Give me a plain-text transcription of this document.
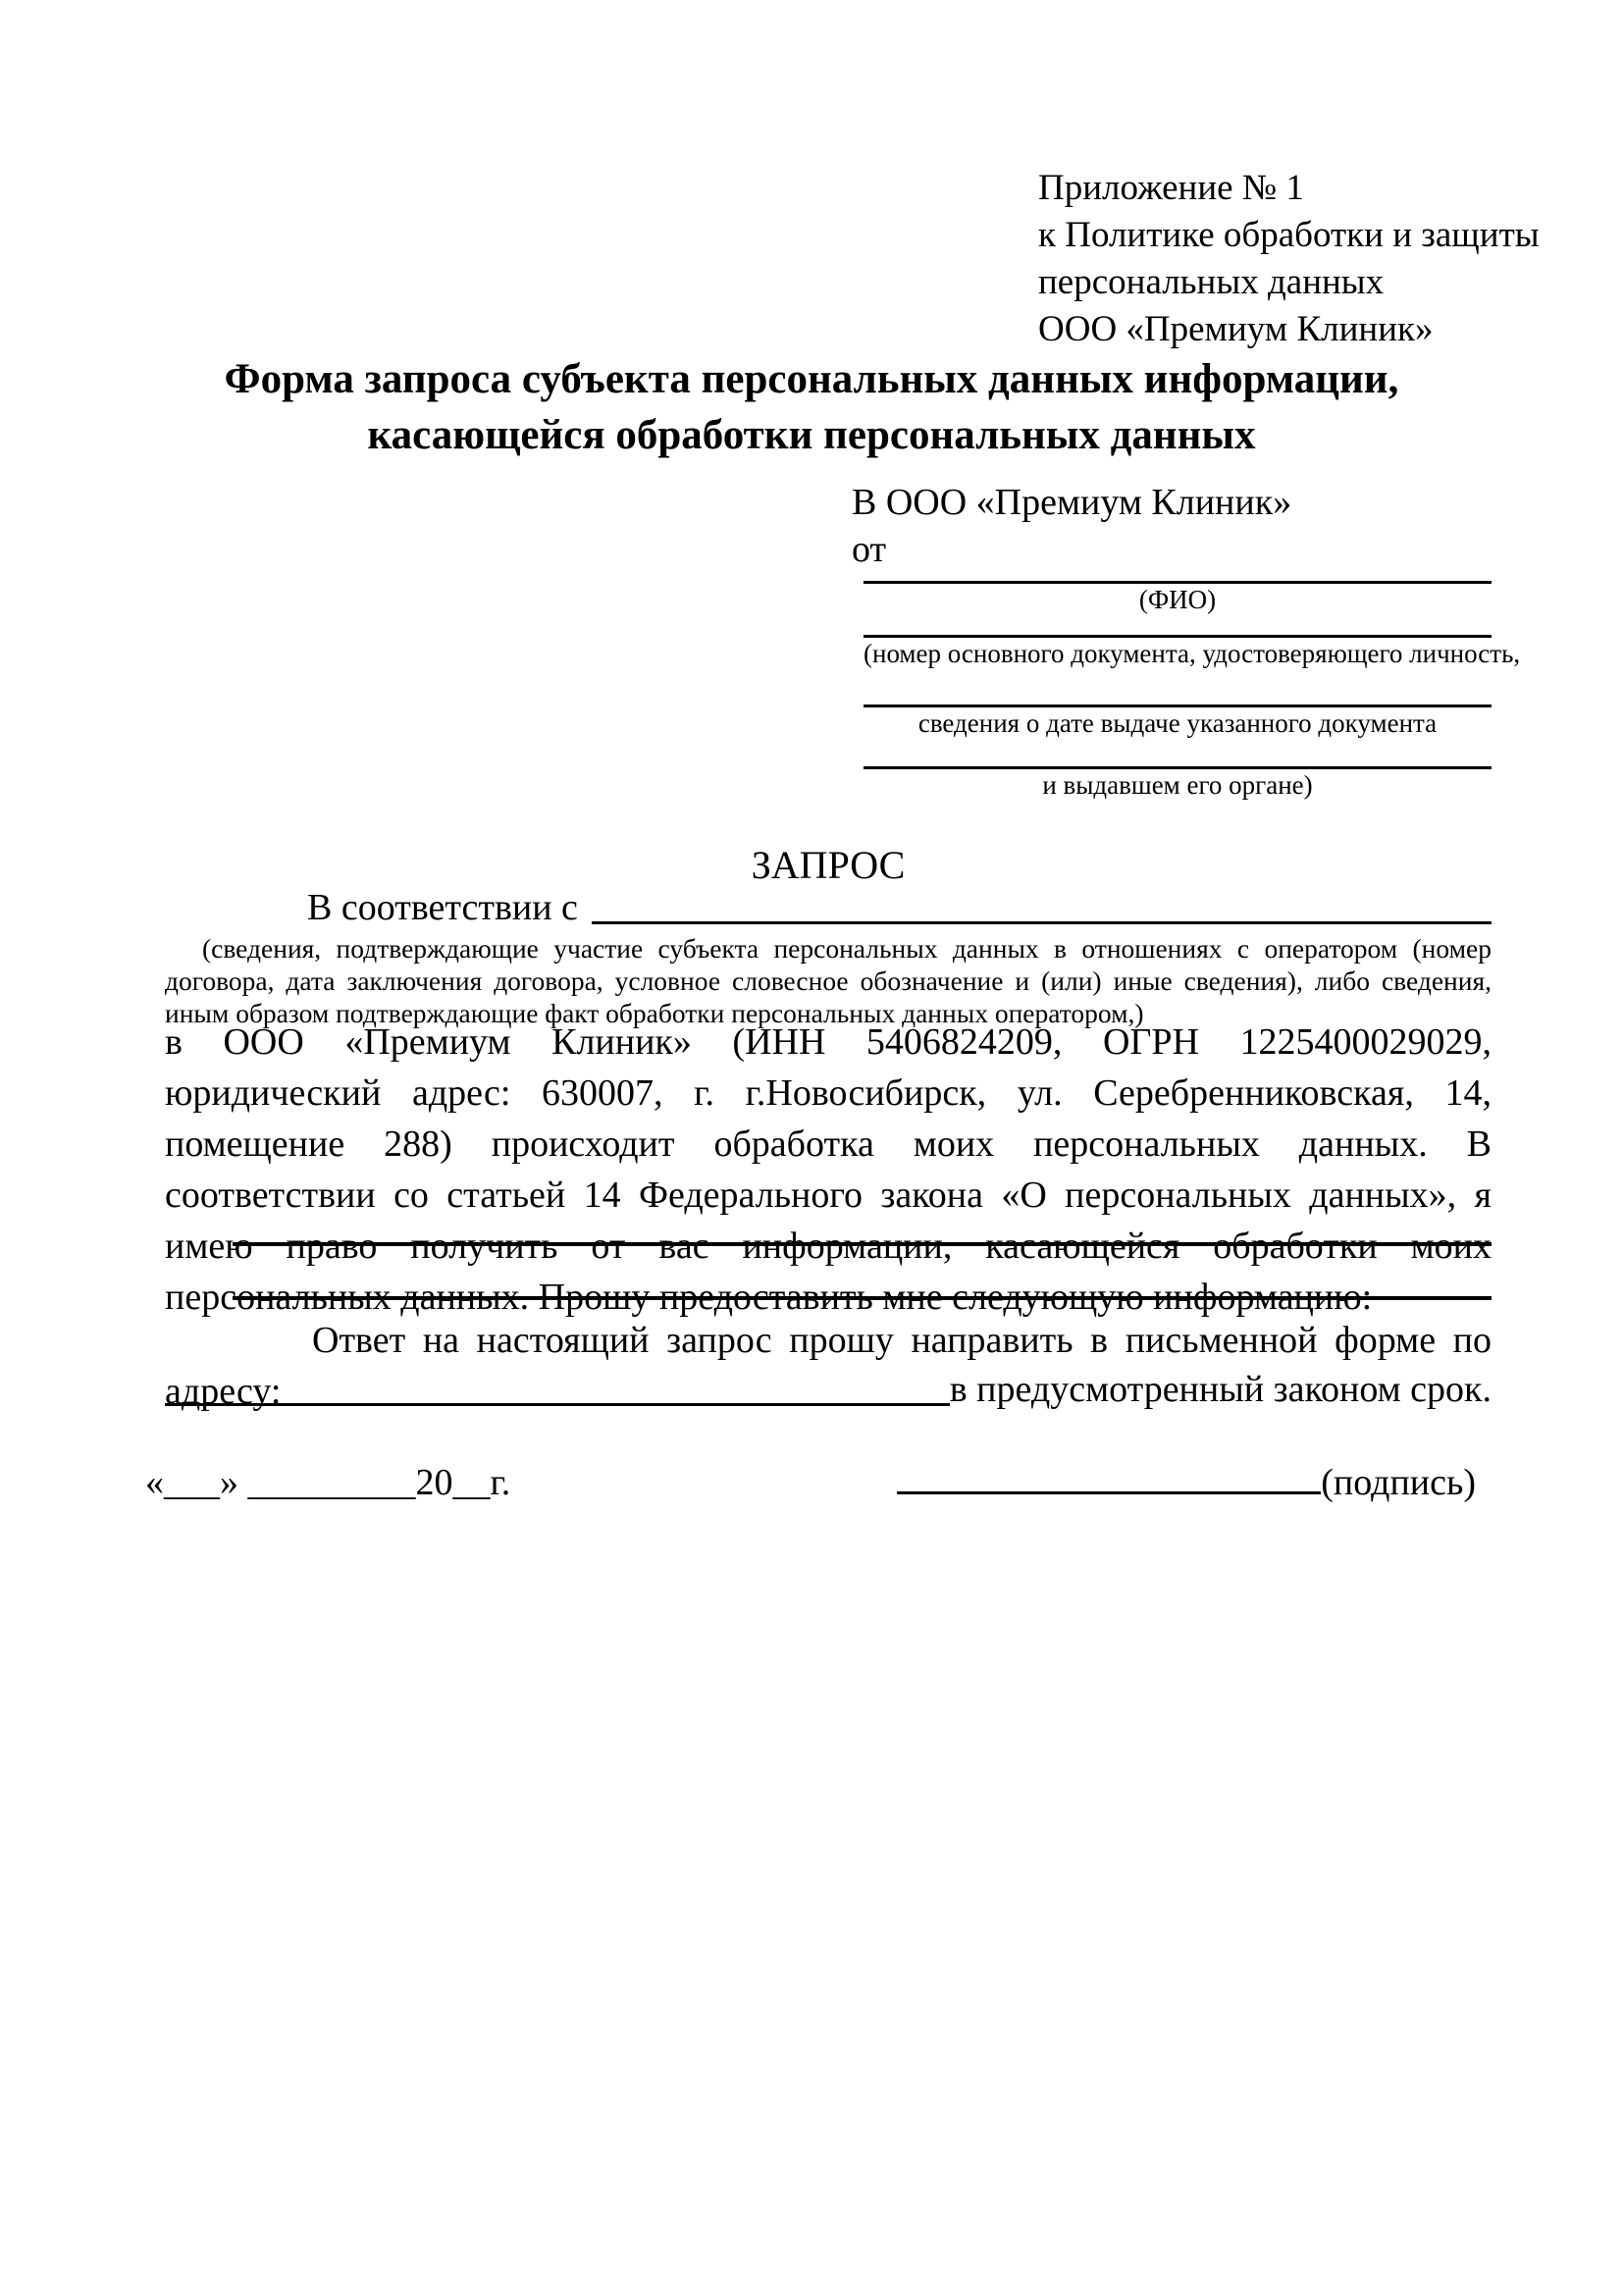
Приложение № 1
к Политике обработки и защиты
персональных данных
ООО «Премиум Клиник»
Форма запроса субъекта персональных данных информации,
касающейся обработки персональных данных
В ООО «Премиум Клиник»
от
(ФИО)
(номер основного документа, удостоверяющего личность,
сведения о дате выдаче указанного документа
и выдавшем его органе)
ЗАПРОС
В соответствии с
(сведения, подтверждающие участие субъекта персональных данных в отношениях с оператором (номер договора, дата заключения договора, условное словесное обозначение и (или) иные сведения), либо сведения, иным образом подтверждающие факт обработки персональных данных оператором,)
в ООО «Премиум Клиник» (ИНН 5406824209, ОГРН 1225400029029, юридический адрес: 630007, г. г.Новосибирск, ул. Серебренниковская, 14, помещение 288) происходит обработка моих персональных данных. В соответствии со статьей 14 Федерального закона «О персональных данных», я имею право получить от вас информации, касающейся обработки моих персональных данных. Прошу предоставить мне следующую информацию:
Ответ на настоящий запрос прошу направить в письменной форме по адресу:	в предусмотренный законом срок.
«___» _________20__г.	(подпись)
